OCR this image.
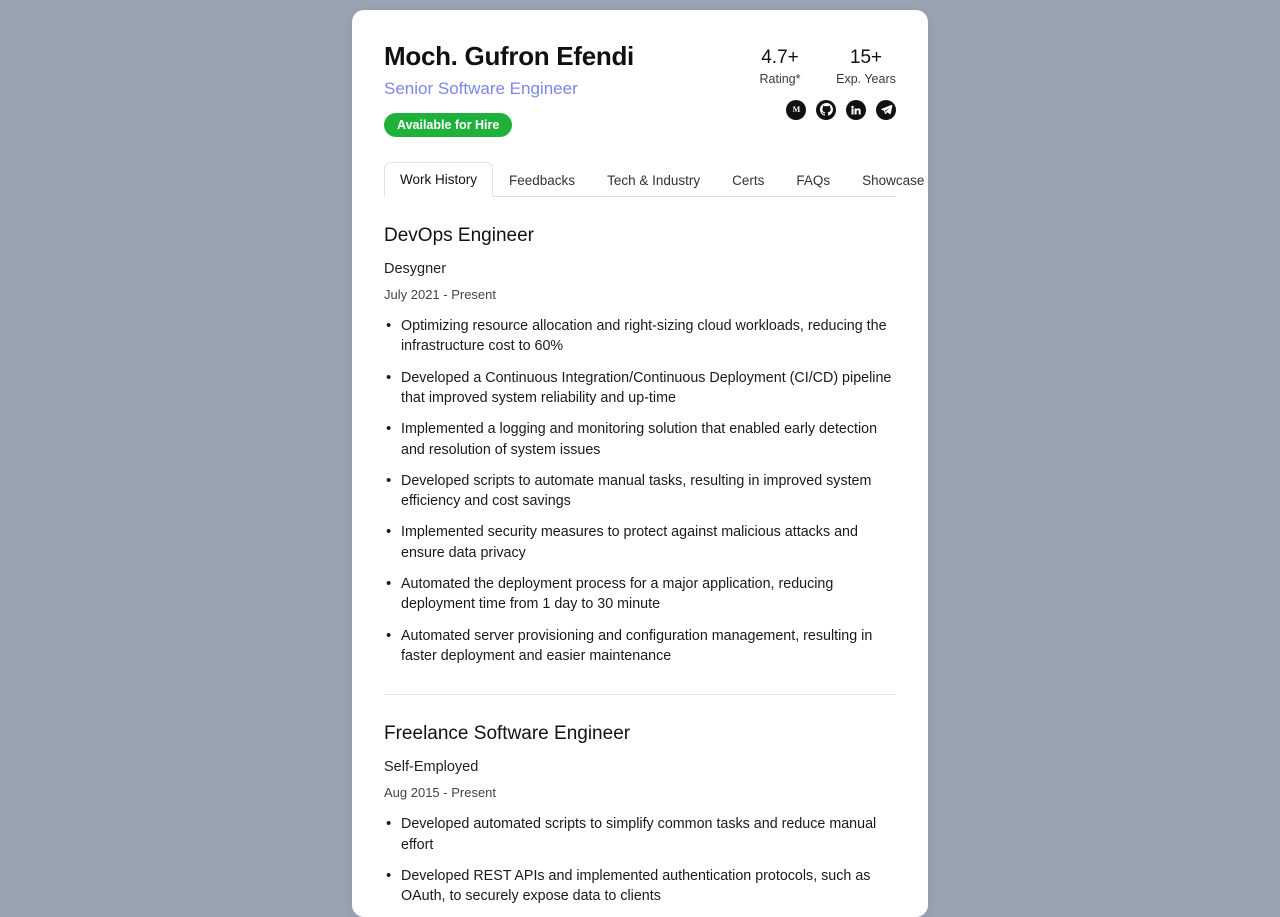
Moch. Gufron Efendi
Senior Software Engineer
Available for Hire
4.7+
Rating*
15+
Exp. Years
M
Work History	Feedbacks	Tech & Industry	Certs	FAQs	Showcase
DevOps Engineer
Desygner
July 2021 - Present
• Optimizing resource allocation and right-sizing cloud workloads, reducing the infrastructure cost to 60%
• Developed a Continuous Integration/Continuous Deployment (CI/CD) pipeline that improved system reliability and up-time
• Implemented a logging and monitoring solution that enabled early detection and resolution of system issues
• Developed scripts to automate manual tasks, resulting in improved system efficiency and cost savings
• Implemented security measures to protect against malicious attacks and ensure data privacy
• Automated the deployment process for a major application, reducing deployment time from 1 day to 30 minute
• Automated server provisioning and configuration management, resulting in faster deployment and easier maintenance
Freelance Software Engineer
Self-Employed
Aug 2015 - Present
• Developed automated scripts to simplify common tasks and reduce manual effort
• Developed REST APIs and implemented authentication protocols, such as OAuth, to securely expose data to clients
